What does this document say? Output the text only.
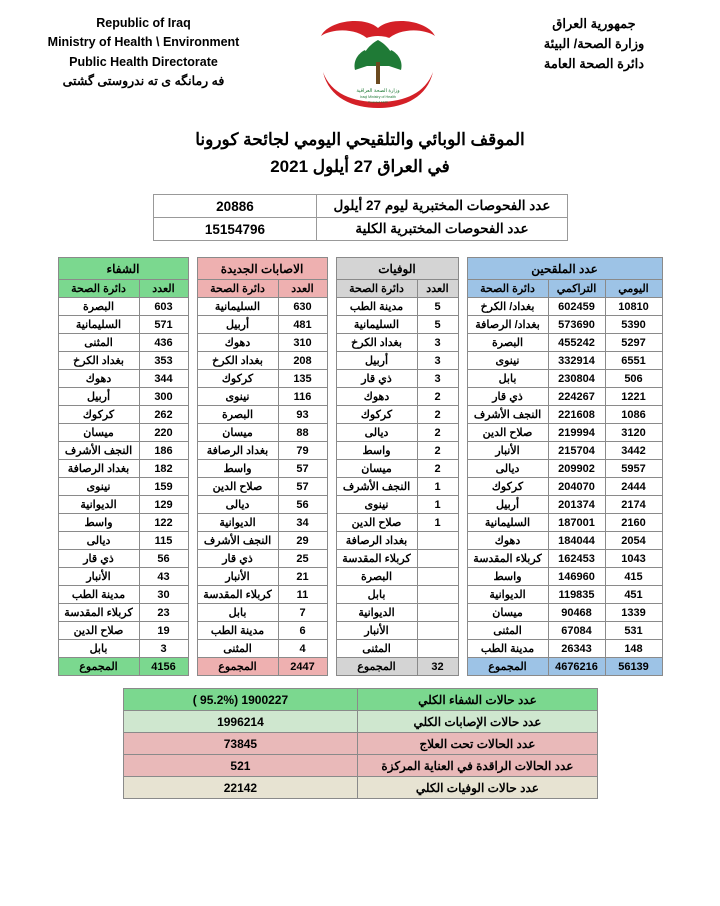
Republic of Iraq
Ministry of Health \ Environment
Public Health Directorate
فه رمانگه ى ته ندروستى گشتى
وزارة الصحة العراقية
Iraqi Ministry of Health
Founded 1920
جمهورية العراق
وزارة الصحة/ البيئة
دائرة الصحة العامة
الموقف الوبائي والتلقيحي اليومي لجائحة كورونا
في العراق 27 أيلول 2021
عدد الفحوصات المختبرية ليوم 27 أيلول	20886
عدد الفحوصات المختبرية الكلية	15154796
عدد الملقحين		
اليومي	التراكمي	دائرة الصحة
10810	602459	بغداد/ الكرخ
5390	573690	بغداد/ الرصافة
5297	455242	البصرة
6551	332914	نينوى
506	230804	بابل
1221	224267	ذي قار
1086	221608	النجف الأشرف
3120	219994	صلاح الدين
3442	215704	الأنبار
5957	209902	ديالى
2444	204070	كركوك
2174	201374	أربيل
2160	187001	السليمانية
2054	184044	دهوك
1043	162453	كربلاء المقدسة
415	146960	واسط
451	119835	الديوانية
1339	90468	ميسان
531	67084	المثنى
148	26343	مدينة الطب
56139	4676216	المجموع
الوفيات	
العدد	دائرة الصحة
5	مدينة الطب
5	السليمانية
3	بغداد الكرخ
3	أربيل
3	ذي قار
2	دهوك
2	كركوك
2	ديالى
2	واسط
2	ميسان
1	النجف الأشرف
1	نينوى
1	صلاح الدين
	بغداد الرصافة
	كربلاء المقدسة
	البصرة
	بابل
	الديوانية
	الأنبار
	المثنى
32	المجموع
الاصابات الجديدة	
العدد	دائرة الصحة
630	السليمانية
481	أربيل
310	دهوك
208	بغداد الكرخ
135	كركوك
116	نينوى
93	البصرة
88	ميسان
79	بغداد الرصافة
57	واسط
57	صلاح الدين
56	ديالى
34	الديوانية
29	النجف الأشرف
25	ذي قار
21	الأنبار
11	كربلاء المقدسة
7	بابل
6	مدينة الطب
4	المثنى
2447	المجموع
الشفاء	
العدد	دائرة الصحة
603	البصرة
571	السليمانية
436	المثنى
353	بغداد الكرخ
344	دهوك
300	أربيل
262	كركوك
220	ميسان
186	النجف الأشرف
182	بغداد الرصافة
159	نينوى
129	الديوانية
122	واسط
115	ديالى
56	ذي قار
43	الأنبار
30	مدينة الطب
23	كربلاء المقدسة
19	صلاح الدين
3	بابل
4156	المجموع
عدد حالات الشفاء الكلي	1900227 (95.2% )
عدد حالات الإصابات الكلي	1996214
عدد الحالات تحت العلاج	73845
عدد الحالات الراقدة في العناية المركزة	521
عدد حالات الوفيات الكلي	22142
